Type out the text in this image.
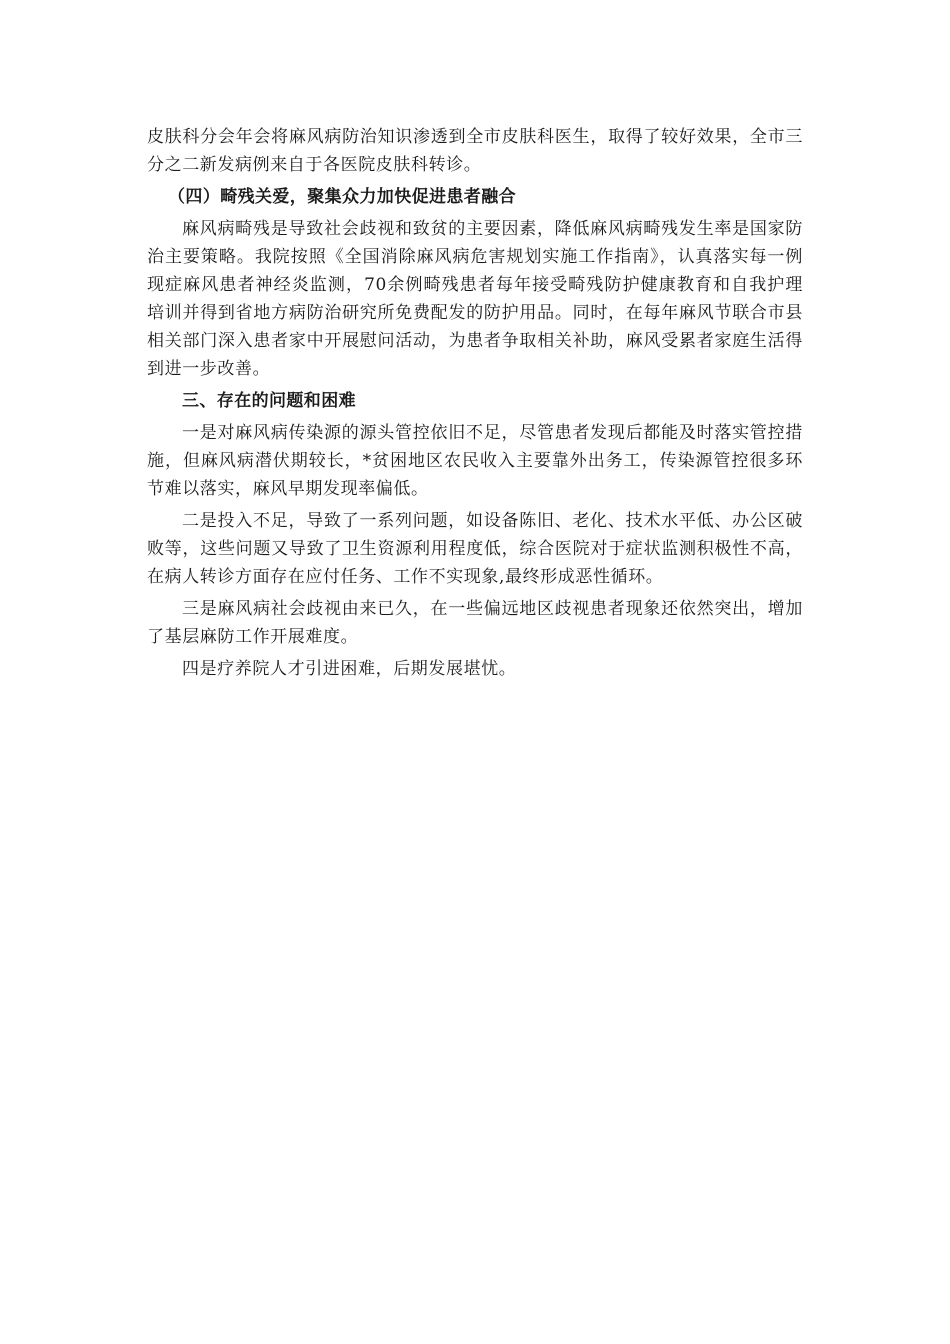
皮肤科分会年会将麻风病防治知识渗透到全市皮肤科医生，取得了较好效果，全市三分之二新发病例来自于各医院皮肤科转诊。

（四）畸残关爱，聚集众力加快促进患者融合

麻风病畸残是导致社会歧视和致贫的主要因素，降低麻风病畸残发生率是国家防治主要策略。我院按照《全国消除麻风病危害规划实施工作指南》，认真落实每一例现症麻风患者神经炎监测，70余例畸残患者每年接受畸残防护健康教育和自我护理培训并得到省地方病防治研究所免费配发的防护用品。同时，在每年麻风节联合市县相关部门深入患者家中开展慰问活动，为患者争取相关补助，麻风受累者家庭生活得到进一步改善。

三、存在的问题和困难

一是对麻风病传染源的源头管控依旧不足，尽管患者发现后都能及时落实管控措施，但麻风病潜伏期较长，*贫困地区农民收入主要靠外出务工，传染源管控很多环节难以落实，麻风早期发现率偏低。

二是投入不足，导致了一系列问题，如设备陈旧、老化、技术水平低、办公区破败等，这些问题又导致了卫生资源利用程度低，综合医院对于症状监测积极性不高，在病人转诊方面存在应付任务、工作不实现象,最终形成恶性循环。

三是麻风病社会歧视由来已久，在一些偏远地区歧视患者现象还依然突出，增加了基层麻防工作开展难度。

四是疗养院人才引进困难，后期发展堪忧。
